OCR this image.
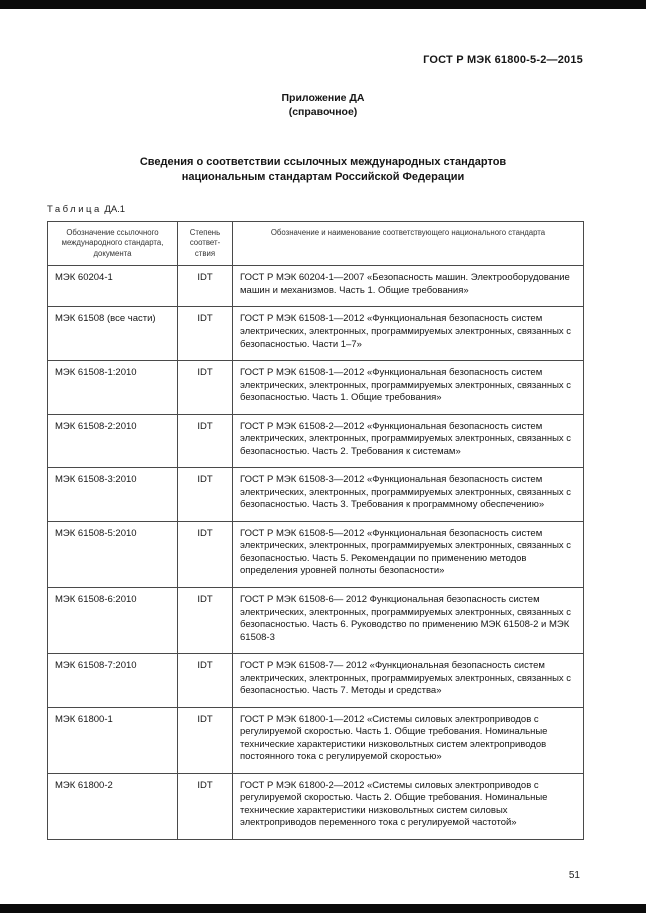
ГОСТ Р МЭК 61800-5-2—2015
Приложение ДА
(справочное)
Сведения о соответствии ссылочных международных стандартов
национальным стандартам Российской Федерации
Таблица ДА.1
Обозначение ссылочного международного стандарта, документа	Степень соответ- ствия	Обозначение и наименование соответствующего национального стандарта
МЭК 60204-1	IDT	ГОСТ Р МЭК 60204-1—2007 «Безопасность машин. Электрооборудование машин и механизмов. Часть 1. Общие требования»
МЭК 61508 (все части)	IDT	ГОСТ Р МЭК 61508-1—2012 «Функциональная безопасность систем электрических, электронных, программируемых электронных, связанных с безопасностью. Части 1–7»
МЭК 61508-1:2010	IDT	ГОСТ Р МЭК 61508-1—2012 «Функциональная безопасность систем электрических, электронных, программируемых электронных, связанных с безопасностью. Часть 1. Общие требования»
МЭК 61508-2:2010	IDT	ГОСТ Р МЭК 61508-2—2012 «Функциональная безопасность систем электрических, электронных, программируемых электронных, связанных с безопасностью. Часть 2. Требования к системам»
МЭК 61508-3:2010	IDT	ГОСТ Р МЭК 61508-3—2012 «Функциональная безопасность систем электрических, электронных, программируемых электронных, связанных с безопасностью. Часть 3. Требования к программному обеспечению»
МЭК 61508-5:2010	IDT	ГОСТ Р МЭК 61508-5—2012 «Функциональная безопасность систем электрических, электронных, программируемых электронных, связанных с безопасностью. Часть 5. Рекомендации по применению методов определения уровней полноты безопасности»
МЭК 61508-6:2010	IDT	ГОСТ Р МЭК 61508-6— 2012 Функциональная безопасность систем электрических, электронных, программируемых электронных, связанных с безопасностью. Часть 6. Руководство по применению МЭК 61508-2 и МЭК 61508-3
МЭК 61508-7:2010	IDT	ГОСТ Р МЭК 61508-7— 2012 «Функциональная безопасность систем электрических, электронных, программируемых электронных, связанных с безопасностью. Часть 7. Методы и средства»
МЭК 61800-1	IDT	ГОСТ Р МЭК 61800-1—2012 «Системы силовых электроприводов с регулируемой скоростью. Часть 1. Общие требования. Номинальные технические характеристики низковольтных систем электроприводов постоянного тока с регулируемой скоростью»
МЭК 61800-2	IDT	ГОСТ Р МЭК 61800-2—2012 «Системы силовых электроприводов с регулируемой скоростью. Часть 2. Общие требования. Номинальные технические характеристики низковольтных систем силовых электроприводов переменного тока с регулируемой частотой»
51
